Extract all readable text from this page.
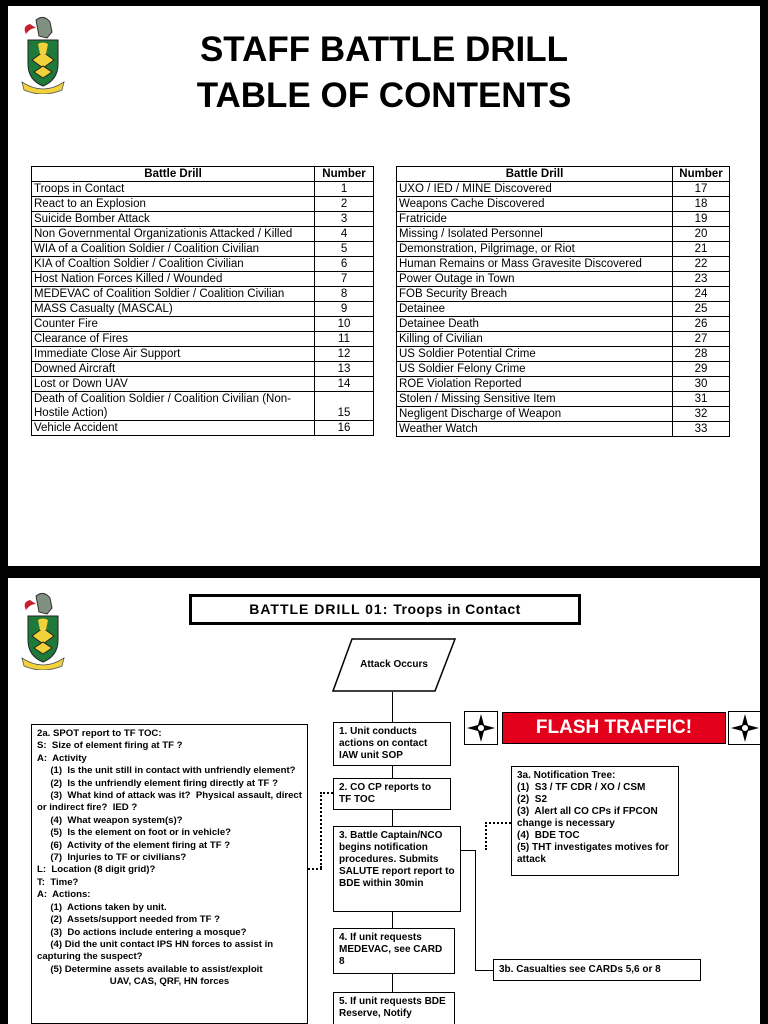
STAFF BATTLE DRILL
TABLE OF CONTENTS
Battle Drill	Number
Troops in Contact	1
React to an Explosion	2
Suicide Bomber Attack	3
Non Governmental Organizationis Attacked / Killed	4
WIA of a Coalition Soldier / Coalition Civilian	5
KIA of Coaltion Soldier / Coalition Civilian	6
Host Nation Forces Killed / Wounded	7
MEDEVAC of Coalition Soldier / Coalition Civilian	8
MASS Casualty (MASCAL)	9
Counter Fire	10
Clearance of Fires	11
Immediate Close Air Support	12
Downed Aircraft	13
Lost or Down UAV	14
Death of Coalition Soldier / Coalition Civilian (Non-Hostile Action)	15
Vehicle Accident	16
Battle Drill	Number
UXO / IED / MINE Discovered	17
Weapons Cache Discovered	18
Fratricide	19
Missing / Isolated Personnel	20
Demonstration, Pilgrimage, or Riot	21
Human Remains or Mass Gravesite Discovered	22
Power Outage in Town	23
FOB Security Breach	24
Detainee	25
Detainee Death	26
Killing of Civilian	27
US Soldier Potential Crime	28
US Soldier Felony Crime	29
ROE Violation Reported	30
Stolen / Missing Sensitive Item	31
Negligent Discharge of Weapon	32
Weather Watch	33
BATTLE DRILL 01: Troops in Contact
Attack Occurs
FLASH TRAFFIC!
1. Unit conducts actions on contact IAW unit SOP
2. CO CP reports to TF TOC
3. Battle Captain/NCO begins notification procedures. Submits SALUTE report report to BDE within 30min
4. If unit requests MEDEVAC, see CARD 8
5. If unit requests BDE Reserve, Notify
3a. Notification Tree:
(1)  S3 / TF CDR / XO / CSM
(2)  S2
(3)  Alert all CO CPs if FPCON change is necessary
(4)  BDE TOC
(5) THT investigates motives for attack
3b. Casualties see CARDs 5,6 or 8
2a. SPOT report to TF TOC:
S:  Size of element firing at TF ?
A:  Activity
(1)  Is the unit still in contact with unfriendly element?
(2)  Is the unfriendly element firing directly at TF ?
(3)  What kind of attack was it?  Physical assault, direct or indirect fire?  IED ?
(4)  What weapon system(s)?
(5)  Is the element on foot or in vehicle?
(6)  Activity of the element firing at TF ?
(7)  Injuries to TF or civilians?
L:  Location (8 digit grid)?
T:  Time?
A:  Actions:
(1)  Actions taken by unit.
(2)  Assets/support needed from TF ?
(3)  Do actions include entering a mosque?
(4) Did the unit contact IPS HN forces to assist in capturing the suspect?
(5) Determine assets available to assist/exploit
UAV, CAS, QRF, HN forces
